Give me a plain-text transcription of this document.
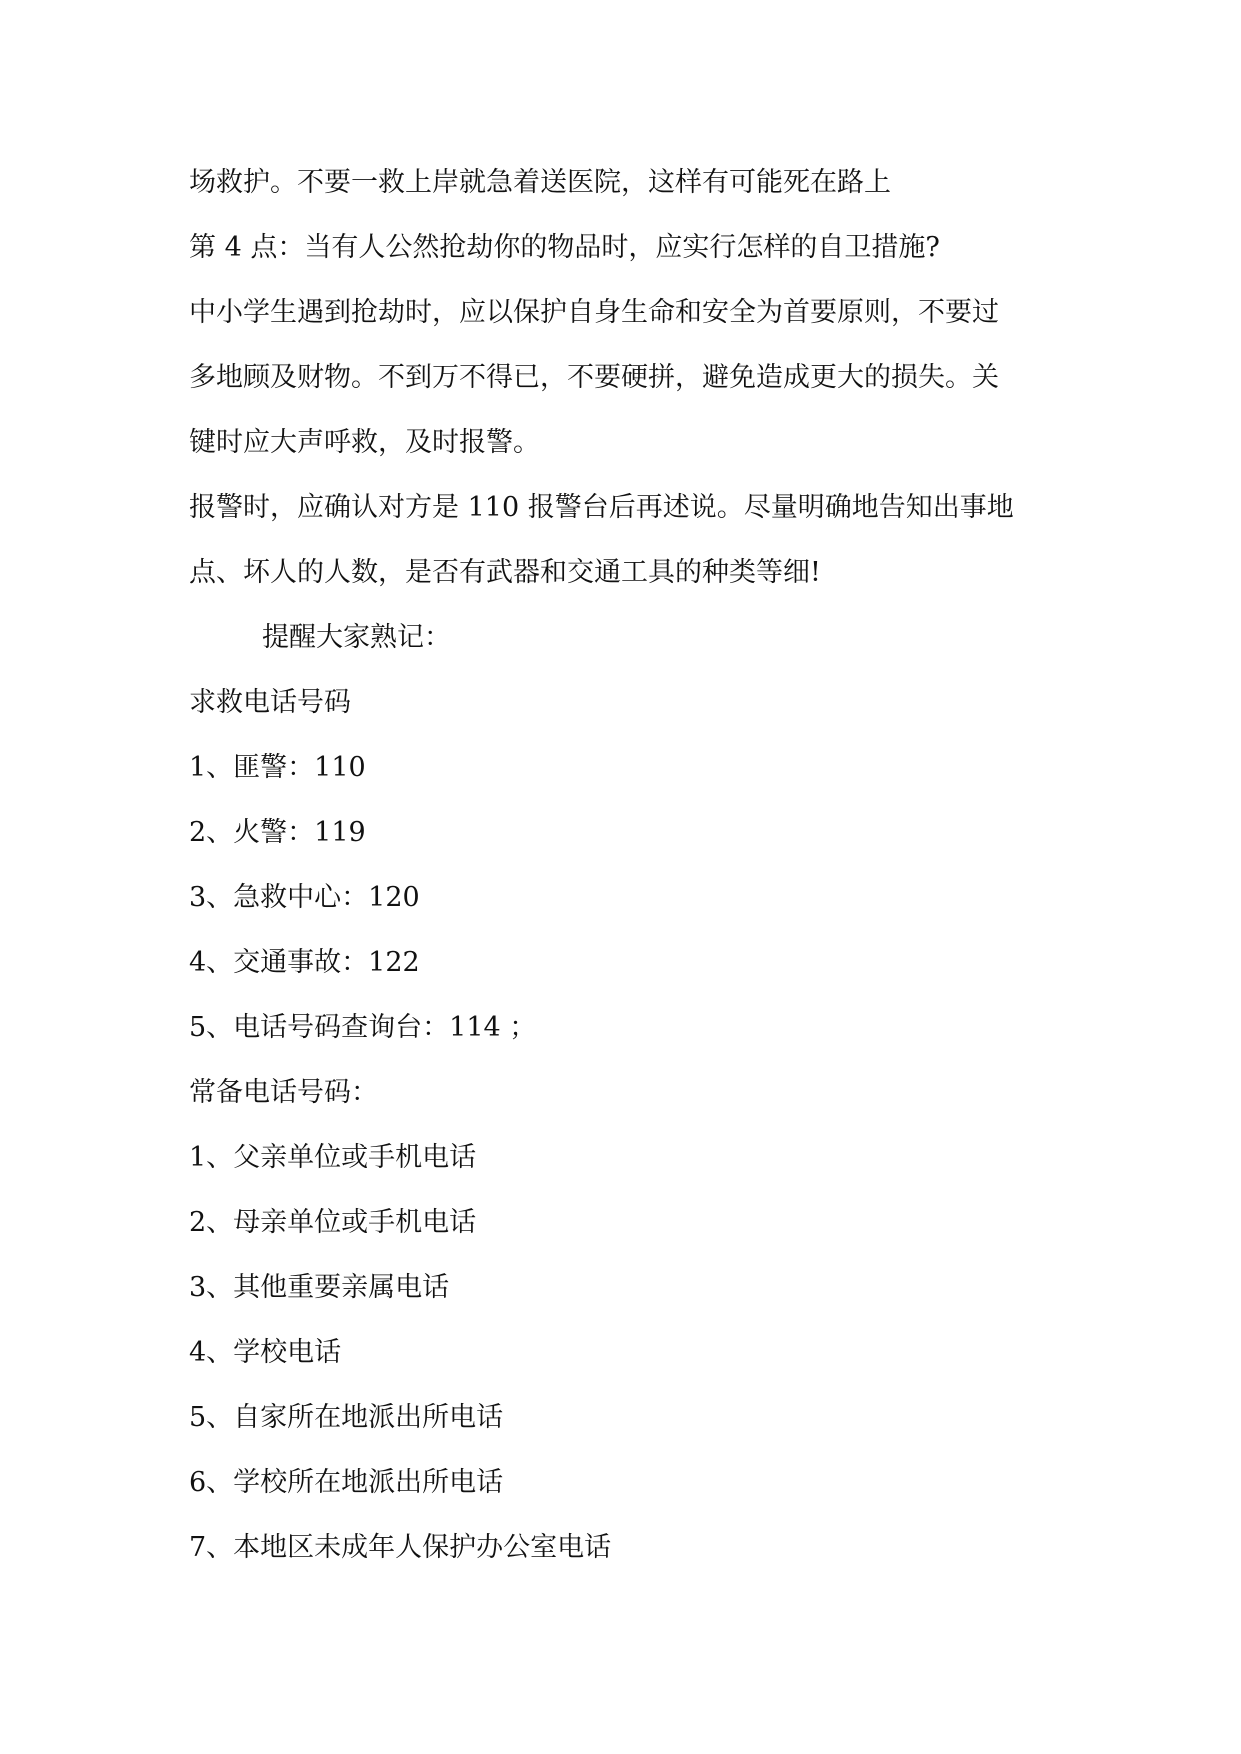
场救护。不要一救上岸就急着送医院，这样有可能死在路上
第 4 点：当有人公然抢劫你的物品时，应实行怎样的自卫措施?
中小学生遇到抢劫时，应以保护自身生命和安全为首要原则，不要过
多地顾及财物。不到万不得已，不要硬拼，避免造成更大的损失。关
键时应大声呼救，及时报警。
报警时，应确认对方是 110 报警台后再述说。尽量明确地告知出事地
点、坏人的人数，是否有武器和交通工具的种类等细!
提醒大家熟记：
求救电话号码
1、匪警：110
2、火警：119
3、急救中心：120
4、交通事故：122
5、电话号码查询台：114 ；
常备电话号码：
1、父亲单位或手机电话
2、母亲单位或手机电话
3、其他重要亲属电话
4、学校电话
5、自家所在地派出所电话
6、学校所在地派出所电话
7、本地区未成年人保护办公室电话
